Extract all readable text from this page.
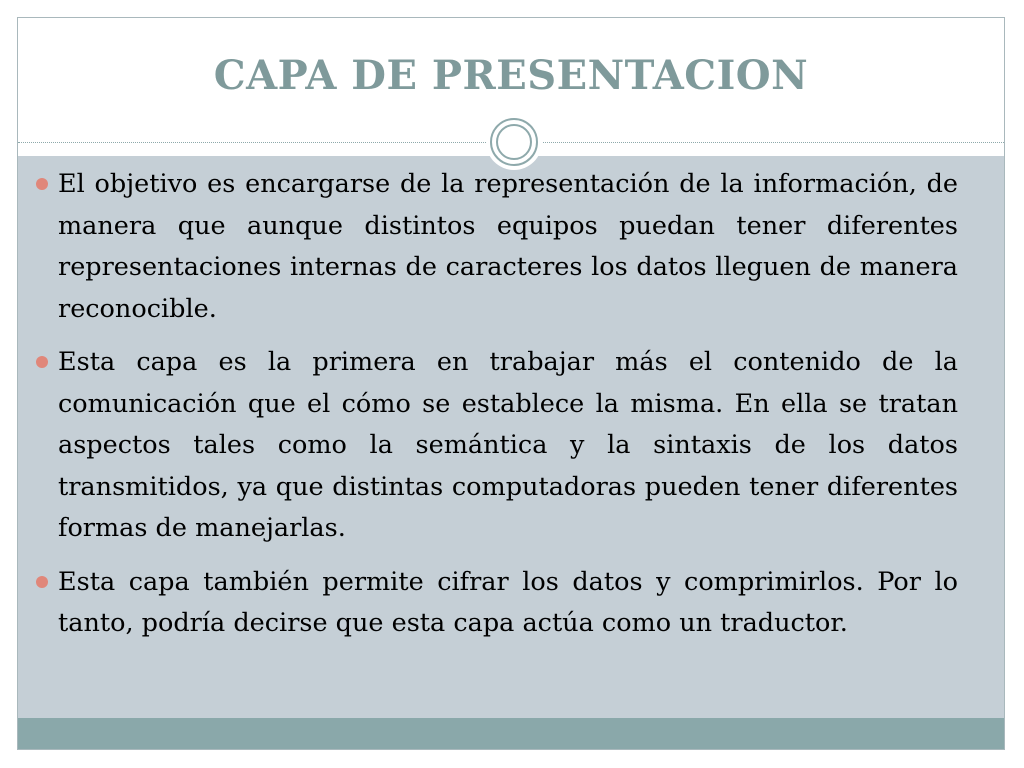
CAPA DE PRESENTACION
El objetivo es encargarse de la representación de la información, de manera que aunque distintos equipos puedan tener diferentes representaciones internas de caracteres los datos lleguen de manera reconocible.
Esta capa es la primera en trabajar más el contenido de la comunicación que el cómo se establece la misma. En ella se tratan aspectos tales como la semántica y la sintaxis de los datos transmitidos, ya que distintas computadoras pueden tener diferentes formas de manejarlas.
Esta capa también permite cifrar los datos y comprimirlos. Por lo tanto, podría decirse que esta capa actúa como un traductor.
